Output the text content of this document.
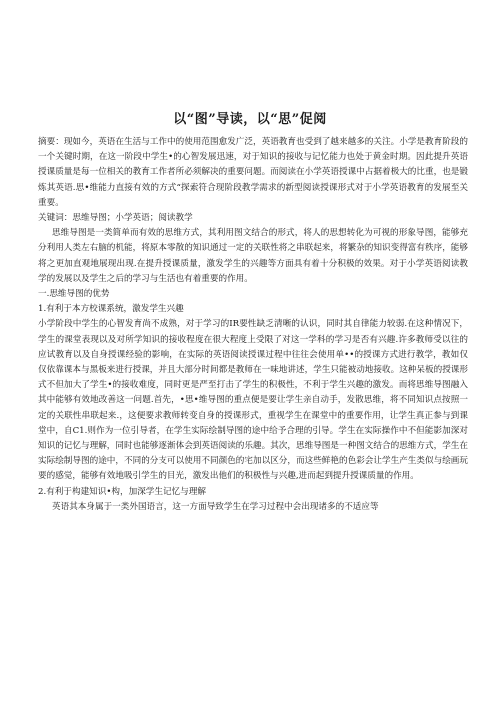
以“图”导读，以“思”促阅

摘要：现如今，英语在生活与工作中的使用范围愈发广泛，英语教育也受到了越来越多的关注。小学是教育阶段的一个关键时期，在这一阶段中学生•的心智发展迅速，对于知识的接收与记忆能力也处于黄金时期。因此提升英语授课质量是每一位相关的教育工作者所必须解决的重要问题。而阅读在小学英语授课中占据着极大的比重，也是锻炼其英语.思•维能力直接有效的方式“探索符合现阶段教学需求的新型阅读授课形式对于小学英语教育的发展至关重要。

关键词：思维导图；小学英语；阅读教学

思维导图是一类简单而有效的思维方式，其利用图文结合的形式，将人的思想转化为可视的形象导图，能够充分利用人类左右脑的机能，将原本零散的知识通过一定的关联性将之串联起来，将繁杂的知识变得富有秩序，能够将之更加直观地展现出现.在提升授课质量，激发学生的兴趣等方面具有着十分积极的效果。对于小学英语阅读教学的发展以及学生之后的学习与生活也有着重要的作用。

一.思维导图的优势

1.有利于本方校课系统，激发学生兴趣

小学阶段中学生的心智发育尚不成熟，对于学习的IR要性缺乏清晰的认识，同时其自律能力较弱.在这种情况下，学生的课堂表现以及对所学知识的接收程度在很大程度上受限了对这一学科的学习是否有兴趣.许多教师受以往的应试教育以及自身授课经验的影响，在实际的英语阅读授课过程中往往会使用单••的授课方式进行教学，教如仅仅依靠课本与黑板来进行授课，并且大部分时间都是教师在一味地讲述，学生只能被动地接收。这种呆板的授课形式不但加大了学生•的接收难度，同时更是严至打击了学生的积极性，不利于学生兴趣的激发。而将思维导图融入其中能够有效地改善这一问题.首先，•思•维导图的重点便是要让学生亲自动手，发散思维，将不同知识点按照一定的关联性串联起来.，这便要求教师转变自身的授课形式，重视学生在课堂中的重要作用，让学生真正参与到课堂中，自C1.则作为一位引导者，在学生实际绘制导图的途中给予合理的引导。学生在实际操作中不但能影加深对知识的记忆与理解，同时也能够逐渐体会到英语阅读的乐趣。其次，思维导图是一种图文结合的思维方式，学生在实际绘制导图的途中，不同的分支可以使用不同颜色的宅加以区分，而这些鲜艳的色彩会让学生产生类似与绘画玩要的感觉，能够有效地吸引学生的目光，激发出他们的积极性与兴趣,进而起到提升授课质量的作用。

2.有利于构建知识•构，加深学生记忆与理解

英语其本身属于一类外国语言，这一方面导致学生在学习过程中会出现诸多的不适应等
